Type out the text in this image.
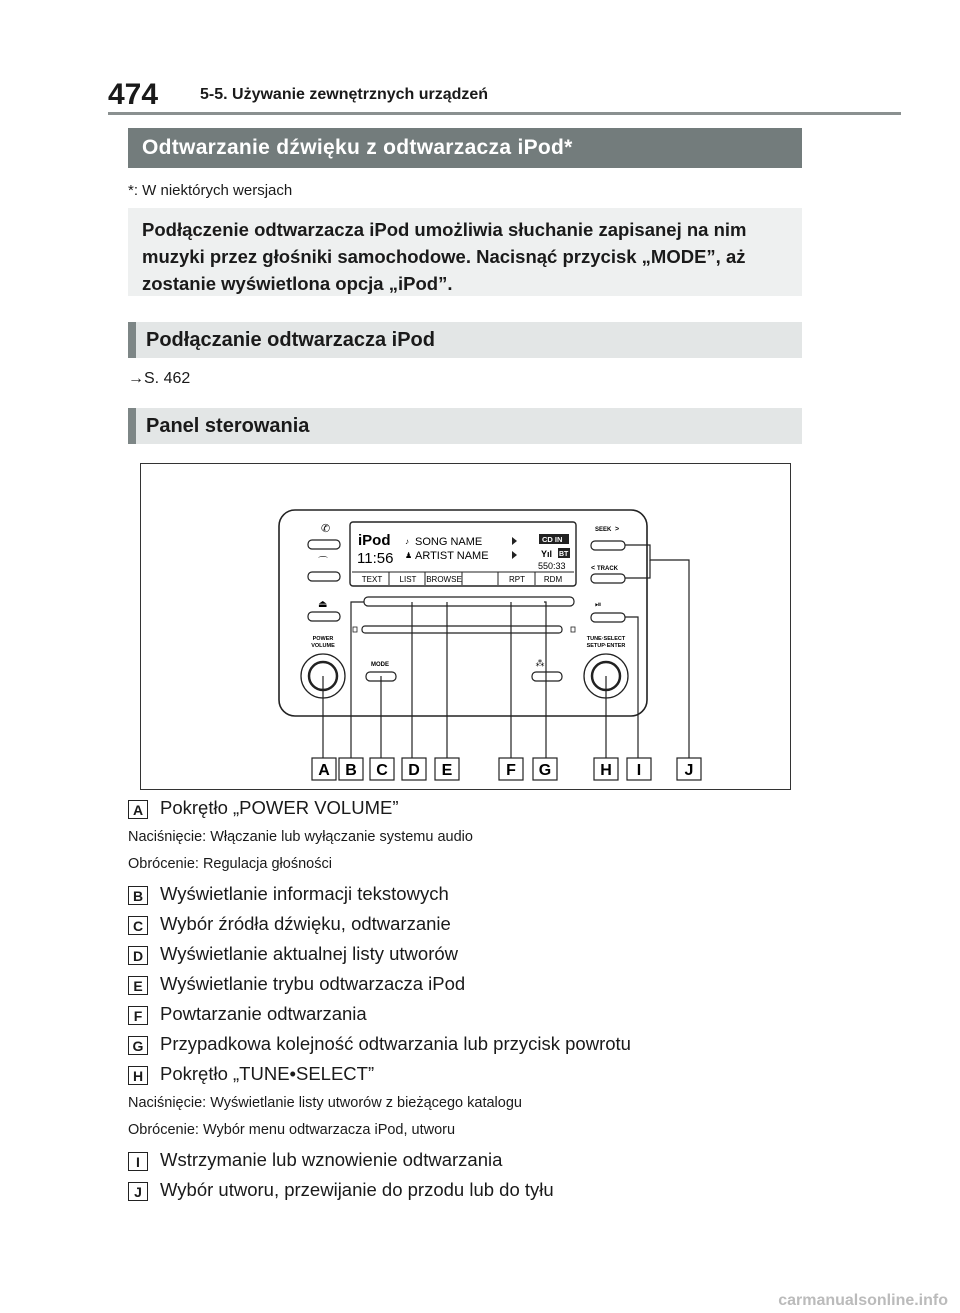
474	5-5. Używanie zewnętrznych urządzeń
Odtwarzanie dźwięku z odtwarzacza iPod*
*: W niektórych wersjach
Podłączenie odtwarzacza iPod umożliwia słuchanie zapisanej na nim muzyki przez głośniki samochodowe. Nacisnąć przycisk „MODE”, aż zostanie wyświetlona opcja „iPod”.
Podłączanie odtwarzacza iPod
→S. 462
Panel sterowania
iPod
11:56
♪ SONG NAME
♟ ARTIST NAME
CD IN
Yıl BT
550:33
TEXT LIST BROWSE	RPT RDM
✆
⌒
⏏
POWER
VOLUME
MODE	⁂
SEEK >
< TRACK
⏯
TUNE·SELECT
SETUP·ENTER
A B C D E	F G	H I	J
A Pokrętło „POWER VOLUME”
Naciśnięcie: Włączanie lub wyłączanie systemu audio
Obrócenie: Regulacja głośności
B Wyświetlanie informacji tekstowych
C Wybór źródła dźwięku, odtwarzanie
D Wyświetlanie aktualnej listy utworów
E Wyświetlanie trybu odtwarzacza iPod
F Powtarzanie odtwarzania
G Przypadkowa kolejność odtwarzania lub przycisk powrotu
H Pokrętło „TUNE•SELECT”
Naciśnięcie: Wyświetlanie listy utworów z bieżącego katalogu
Obrócenie: Wybór menu odtwarzacza iPod, utworu
I Wstrzymanie lub wznowienie odtwarzania
J Wybór utworu, przewijanie do przodu lub do tyłu
carmanualsonline.info
